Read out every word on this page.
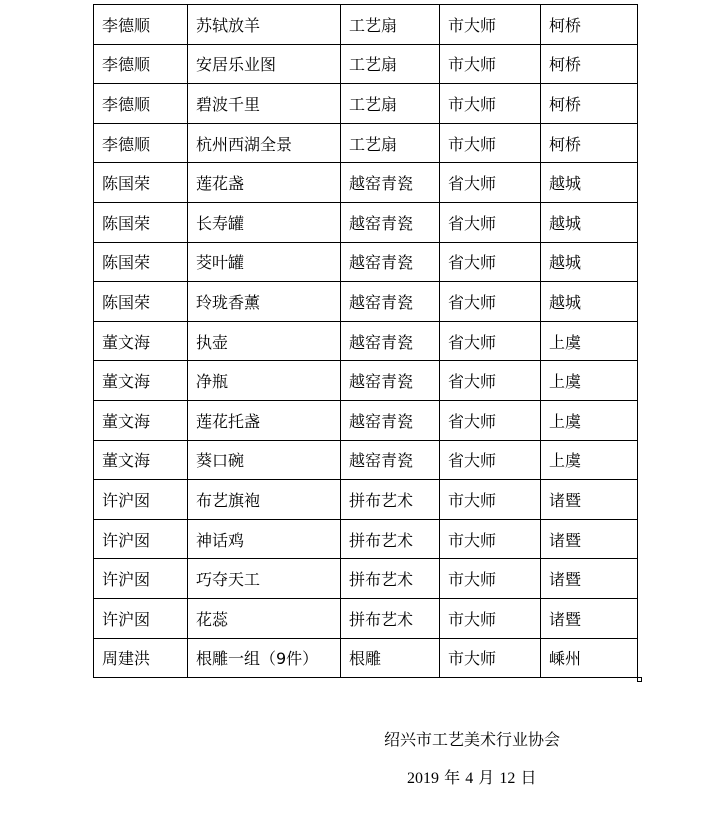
李德顺	苏轼放羊	工艺扇	市大师	柯桥
李德顺	安居乐业图	工艺扇	市大师	柯桥
李德顺	碧波千里	工艺扇	市大师	柯桥
李德顺	杭州西湖全景	工艺扇	市大师	柯桥
陈国荣	莲花盏	越窑青瓷	省大师	越城
陈国荣	长寿罐	越窑青瓷	省大师	越城
陈国荣	茭叶罐	越窑青瓷	省大师	越城
陈国荣	玲珑香薰	越窑青瓷	省大师	越城
董文海	执壶	越窑青瓷	省大师	上虞
董文海	净瓶	越窑青瓷	省大师	上虞
董文海	莲花托盏	越窑青瓷	省大师	上虞
董文海	葵口碗	越窑青瓷	省大师	上虞
许沪囡	布艺旗袍	拼布艺术	市大师	诸暨
许沪囡	神话鸡	拼布艺术	市大师	诸暨
许沪囡	巧夺天工	拼布艺术	市大师	诸暨
许沪囡	花蕊	拼布艺术	市大师	诸暨
周建洪	根雕一组（9件）	根雕	市大师	嵊州
绍兴市工艺美术行业协会
2019 年 4 月 12 日
